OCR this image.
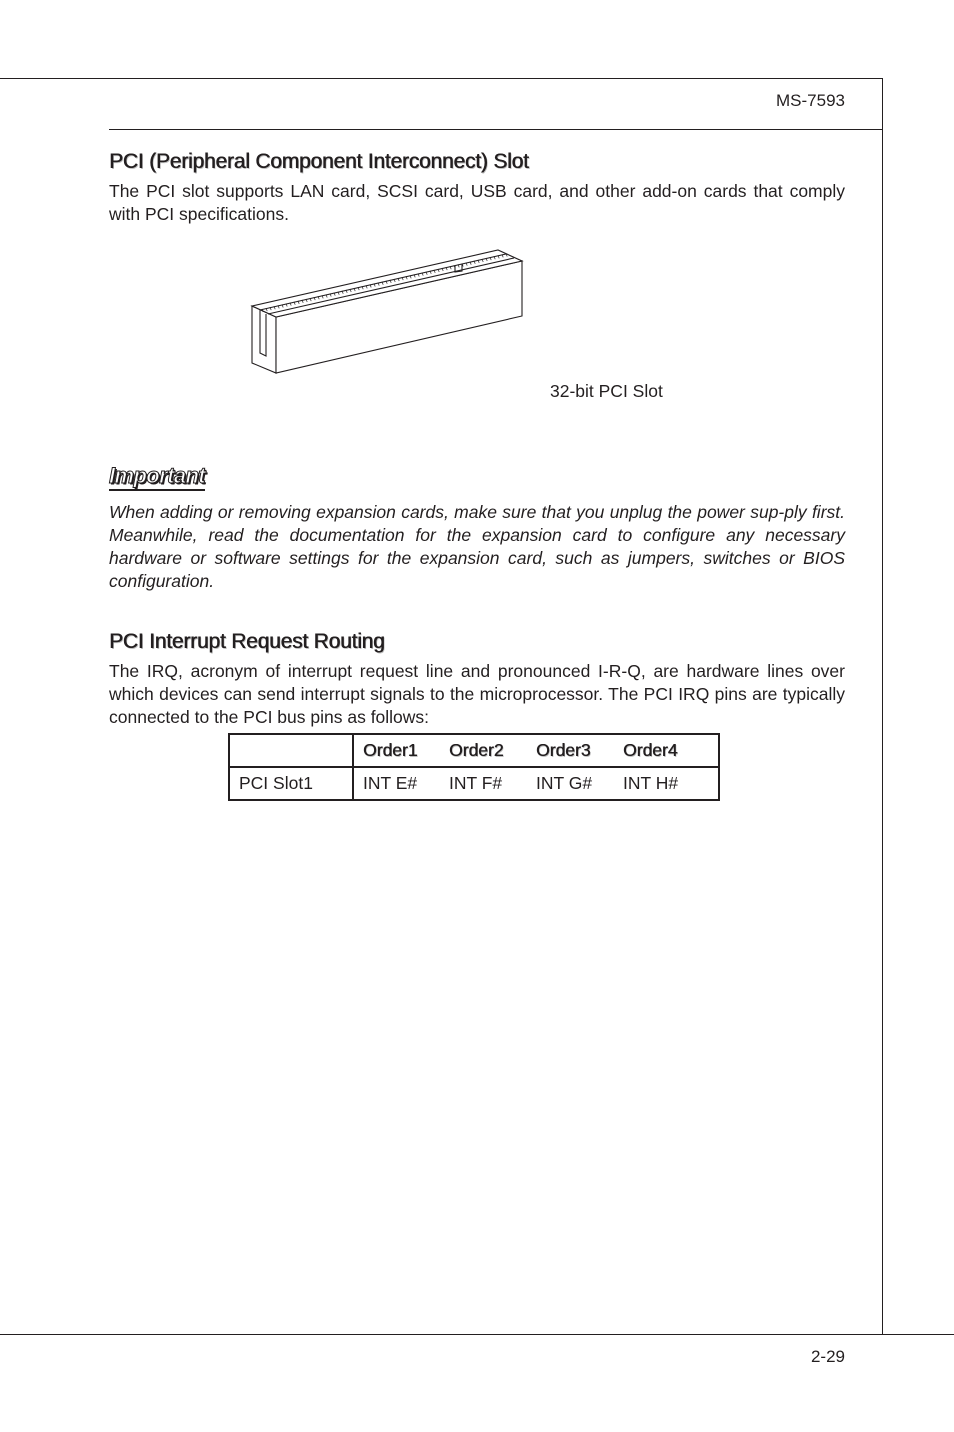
MS-7593
PCI (Peripheral Component Interconnect) Slot

The PCI slot supports LAN card, SCSI card, USB card, and other add-on cards that comply with PCI specifications.

32-bit PCI Slot
Important

When adding or removing expansion cards, make sure that you unplug the power sup-ply first. Meanwhile, read the documentation for the expansion card to configure any necessary hardware or software settings for the expansion card, such as jumpers, switches or BIOS configuration.

PCI Interrupt Request Routing

The IRQ, acronym of interrupt request line and pronounced I-R-Q, are hardware lines over which devices can send interrupt signals to the microprocessor. The PCI IRQ pins are typically connected to the PCI bus pins as follows:

	Order1	Order2	Order3	Order4
PCI Slot1	INT E#	INT F#	INT G#	INT H#
2-29
